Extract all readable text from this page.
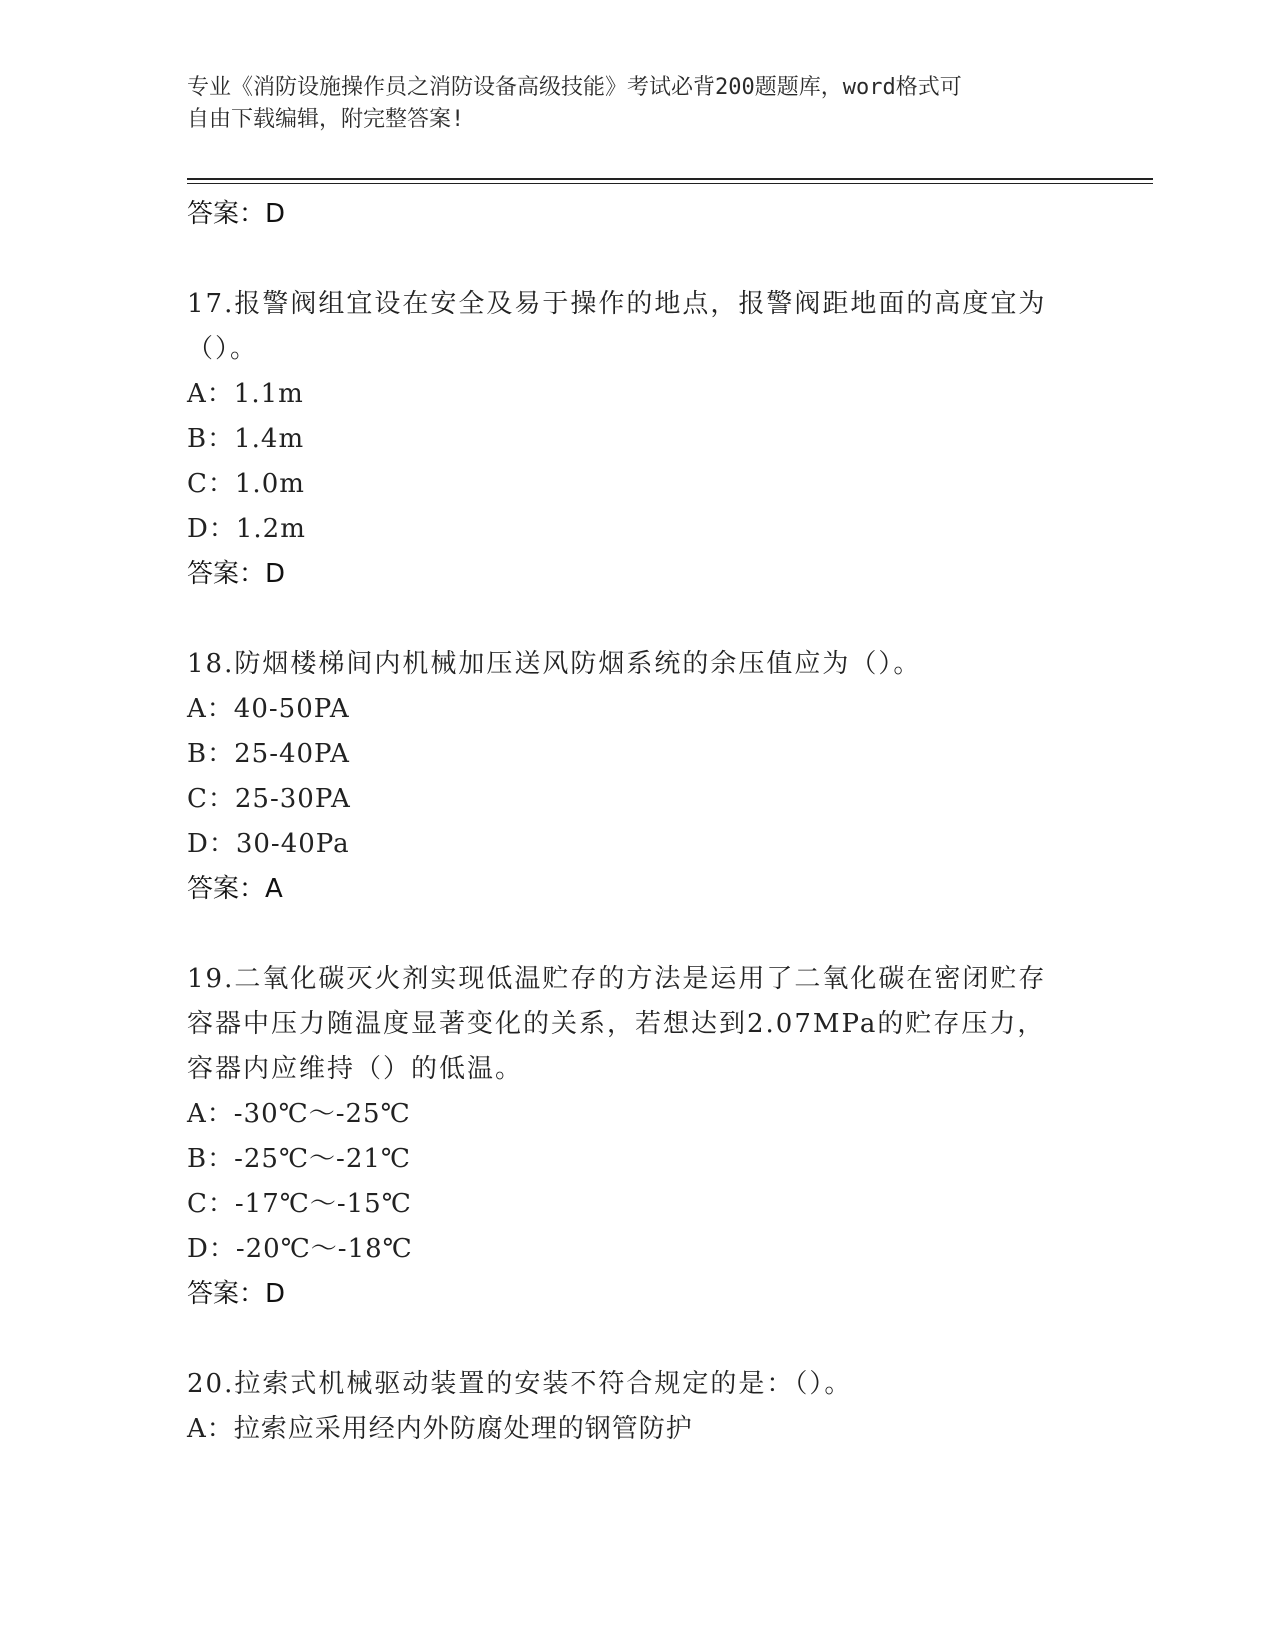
专业《消防设施操作员之消防设备高级技能》考试必背200题题库，word格式可
自由下载编辑，附完整答案!
答案：D
17.报警阀组宜设在安全及易于操作的地点，报警阀距地面的高度宜为
（）。
A：1.1m
B：1.4m
C：1.0m
D：1.2m
答案：D
18.防烟楼梯间内机械加压送风防烟系统的余压值应为（）。
A：40-50PA
B：25-40PA
C：25-30PA
D：30-40Pa
答案：A
19.二氧化碳灭火剂实现低温贮存的方法是运用了二氧化碳在密闭贮存
容器中压力随温度显著变化的关系，若想达到2.07MPa的贮存压力，
容器内应维持（）的低温。
A：-30℃～-25℃
B：-25℃～-21℃
C：-17℃～-15℃
D：-20℃～-18℃
答案：D
20.拉索式机械驱动装置的安装不符合规定的是：（）。
A：拉索应采用经内外防腐处理的钢管防护
